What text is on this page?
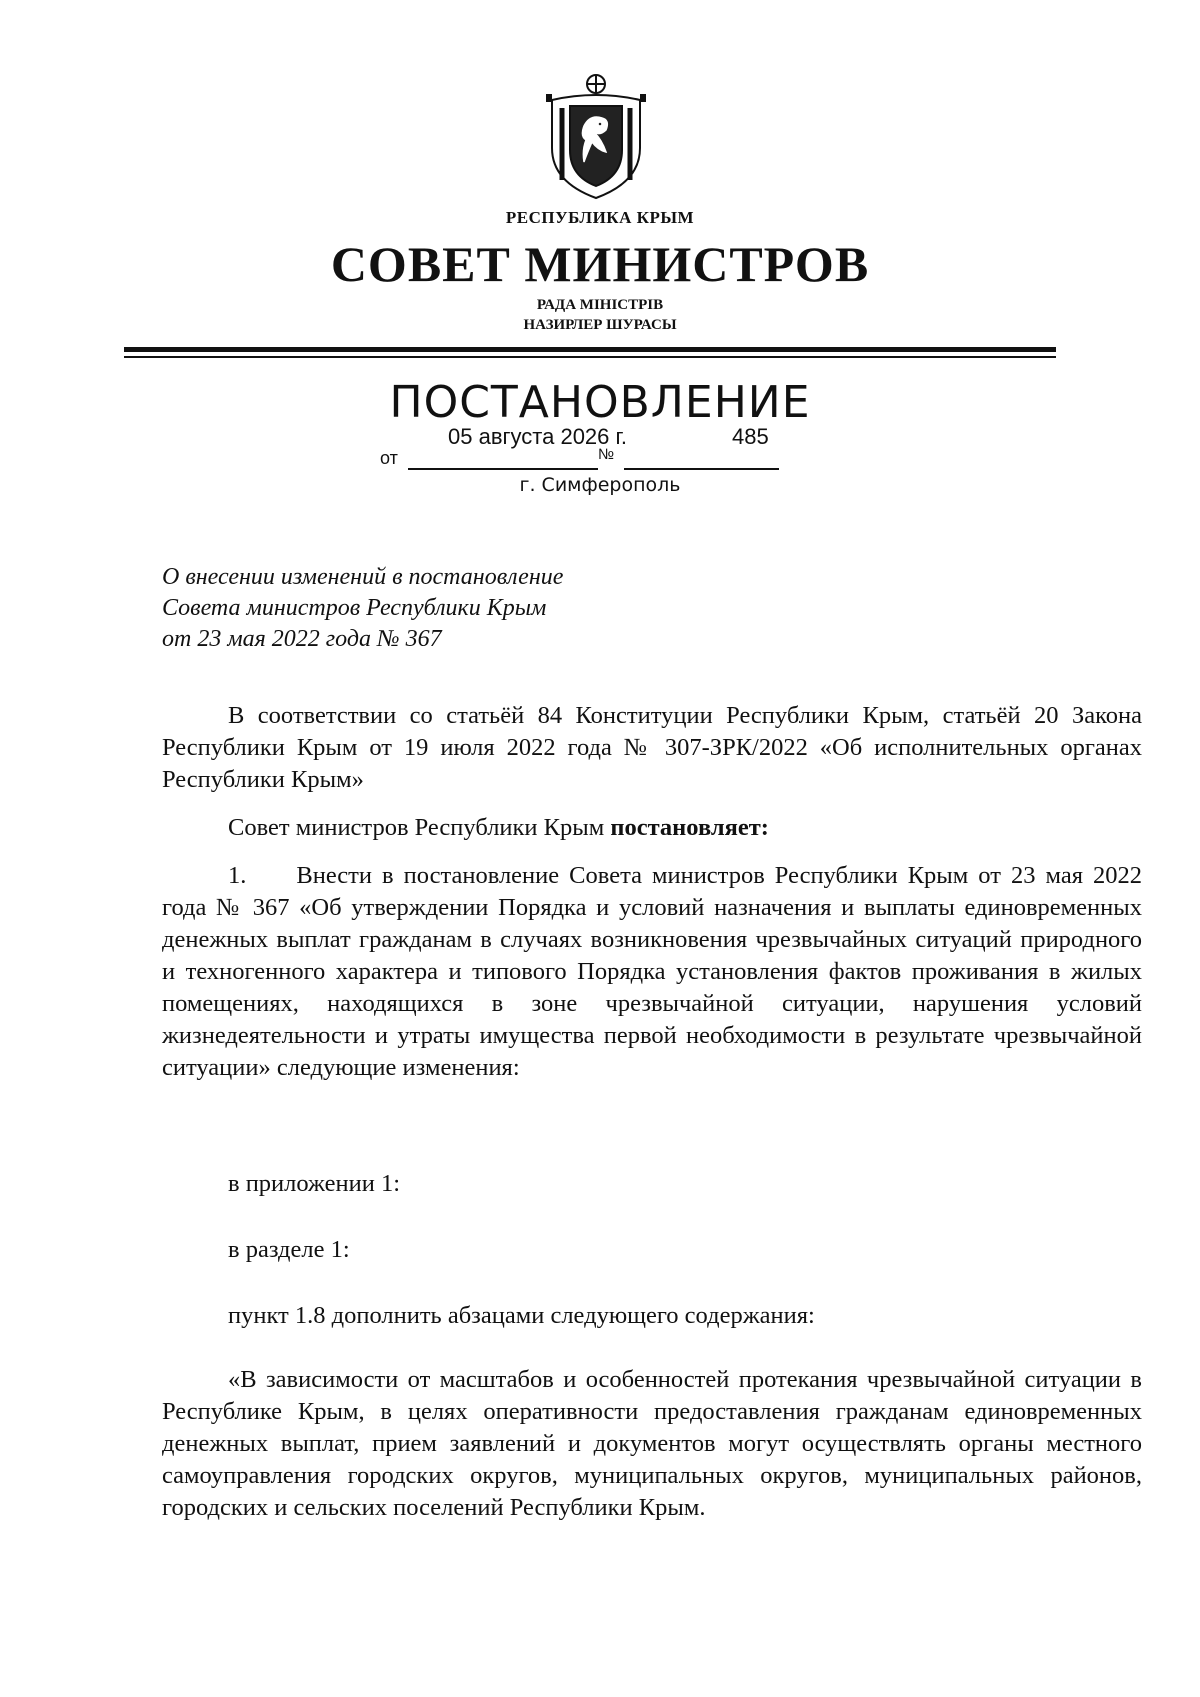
РЕСПУБЛИКА КРЫМ
СОВЕТ МИНИСТРОВ
РАДА МІНІСТРІВ
НАЗИРЛЕР ШУРАСЫ
ПОСТАНОВЛЕНИЕ
от
05 августа 2026 г.
№
485
г. Симферополь
О внесении изменений в постановление
Совета министров Республики Крым
от 23 мая 2022 года № 367
В соответствии со статьёй 84 Конституции Республики Крым, статьёй 20 Закона Республики Крым от 19 июля 2022 года № 307-ЗРК/2022 «Об исполнительных органах Республики Крым»
Совет министров Республики Крым постановляет:
1. Внести в постановление Совета министров Республики Крым от 23 мая 2022 года № 367 «Об утверждении Порядка и условий назначения и выплаты единовременных денежных выплат гражданам в случаях возникновения чрезвычайных ситуаций природного и техногенного характера и типового Порядка установления фактов проживания в жилых помещениях, находящихся в зоне чрезвычайной ситуации, нарушения условий жизнедеятельности и утраты имущества первой необходимости в результате чрезвычайной ситуации» следующие изменения:
в приложении 1:
в разделе 1:
пункт 1.8 дополнить абзацами следующего содержания:
«В зависимости от масштабов и особенностей протекания чрезвычайной ситуации в Республике Крым, в целях оперативности предоставления гражданам единовременных денежных выплат, прием заявлений и документов могут осуществлять органы местного самоуправления городских округов, муниципальных округов, муниципальных районов, городских и сельских поселений Республики Крым.
